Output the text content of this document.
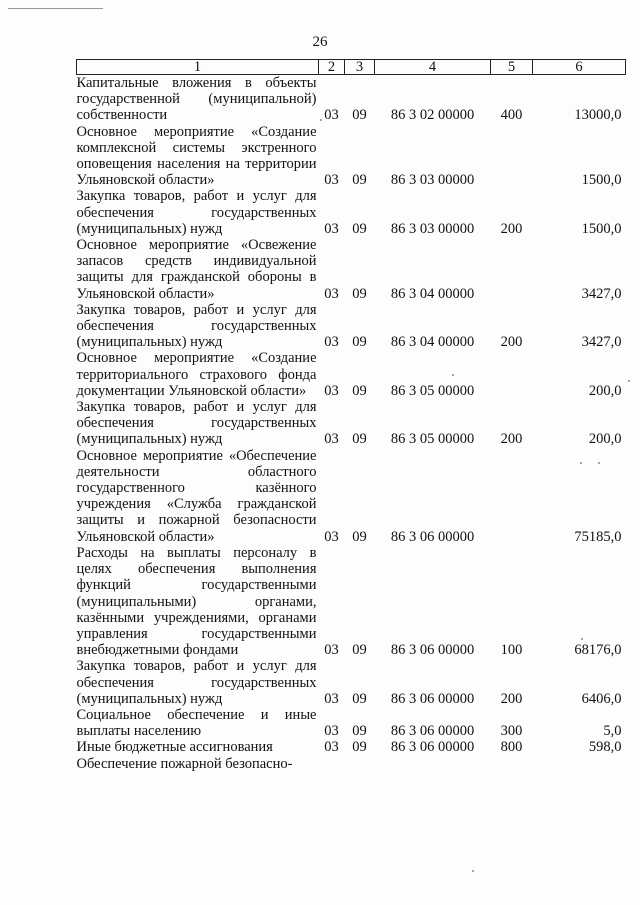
26
1	2	3	4	5	6
Капитальные вложения в объекты государственной (муниципальной) собственности	03	09	86 3 02 00000	400	13000,0
Основное мероприятие «Создание комплексной системы экстренного оповещения населения на территории Ульяновской области»	03	09	86 3 03 00000		1500,0
Закупка товаров, работ и услуг для обеспечения государственных (муниципальных) нужд	03	09	86 3 03 00000	200	1500,0
Основное мероприятие «Освежение запасов средств индивидуальной защиты для гражданской обороны в Ульяновской области»	03	09	86 3 04 00000		3427,0
Закупка товаров, работ и услуг для обеспечения государственных (муниципальных) нужд	03	09	86 3 04 00000	200	3427,0
Основное мероприятие «Создание территориального страхового фонда документации Ульяновской области»	03	09	86 3 05 00000		200,0
Закупка товаров, работ и услуг для обеспечения государственных (муниципальных) нужд	03	09	86 3 05 00000	200	200,0
Основное мероприятие «Обеспечение деятельности областного государственного казённого учреждения «Служба гражданской защиты и пожарной безопасности Ульяновской области»	03	09	86 3 06 00000		75185,0
Расходы на выплаты персоналу в целях обеспечения выполнения функций государственными (муниципальными) органами, казёнными учреждениями, органами управления государственными внебюджетными фондами	03	09	86 3 06 00000	100	68176,0
Закупка товаров, работ и услуг для обеспечения государственных (муниципальных) нужд	03	09	86 3 06 00000	200	6406,0
Социальное обеспечение и иные выплаты населению	03	09	86 3 06 00000	300	5,0
Иные бюджетные ассигнования	03	09	86 3 06 00000	800	598,0
Обеспечение пожарной безопасно-					
